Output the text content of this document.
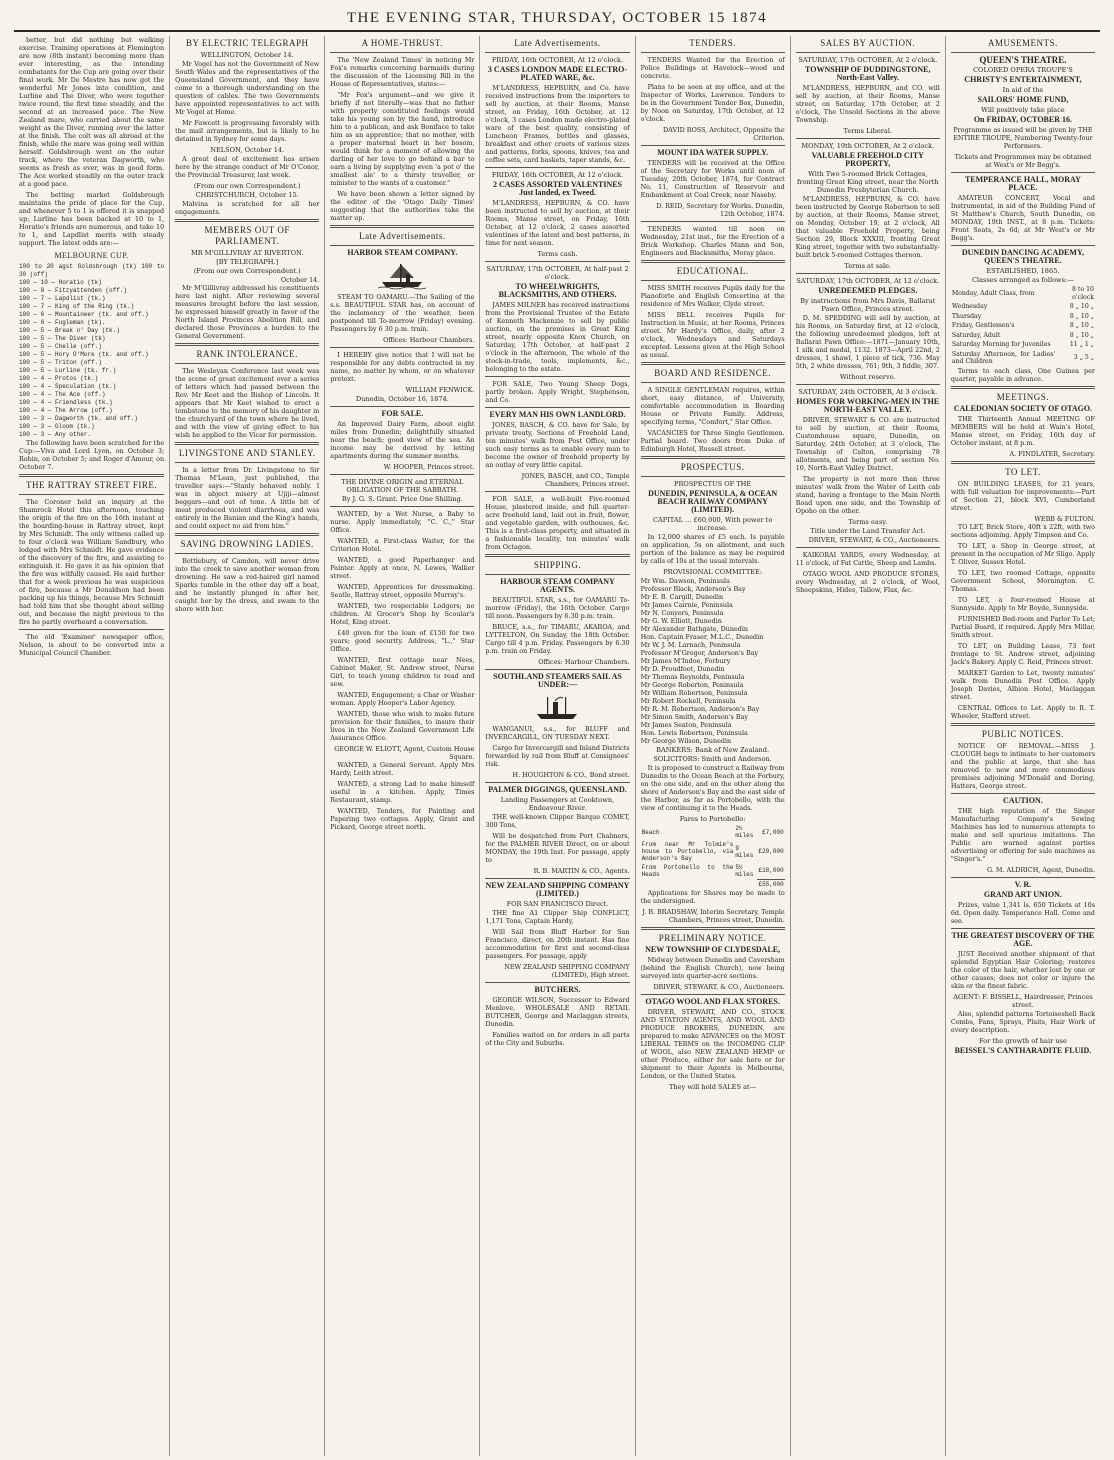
THE EVENING STAR, THURSDAY, OCTOBER 15 1874

better, but did nothing but walking exercise. Training operations at Flemington are now (8th instant) becoming more than ever interesting, as the intending combatants for the Cup are going over their final work. Mr De Mestre has now got the wonderful Mr Jones into condition, and Lurline and The Diver, who were together twice round, the first time steadily, and the second at an increased pace. The New Zealand mare, who carried about the same weight as the Diver, running over the latter at the finish. The colt was all abroad at the finish, while the mare was going well within herself. Goldsbrough went on the outer track, where the veteran Dagworth, who seems as fresh as ever, was in good form. The Ace worked steadily on the outer track at a good pace.

The betting market Goldsbrough maintains the pride of place for the Cup, and whenever 5 to 1 is offered it is snapped up; Lurline has been backed at 10 to 1, Horatio's friends are numerous, and take 10 to 1, and Lapdlist merits with steady support. The latest odds are:—

MELBOURNE CUP.
100 to 20 agst Goldsbrough (tk) 100 to 30 (off)
100 — 10 — Horatio (tk)
100 — 8 — Fitzyattenden (off.)
100 — 7 — Lapdlist (tk.)
100 — 7 — King of the Ring (tk.)
100 — 6 — Mountaineer (tk. and off.)
100 — 6 — Fugleman (tk).
100 — 5 — Break o' Day (tk.)
100 — 5 — The Diver (tk)
100 — 5 — Chelle (off.)
100 — 5 — Hory O'More (tk. and off.)
100 — 5 — Triton (off.)
100 — 5 — Lurline (tk. fr.)
100 — 4 — Protos (tk.)
100 — 4 — Speculation (tk.)
100 — 4 — The Ace (off.)
100 — 4 — Friendless (tk.)
100 — 4 — The Arrow (off.)
100 — 3 — Dagworth (tk. and off.)
100 — 3 — Gloom (tk.)
100 — 3 — Any other.

The following have been scratched for the Cup:—Viva and Lord Lyon, on October 3; Robin, on October 5; and Roger d'Amour, on October 7.

THE RATTRAY STREET FIRE.

The Coroner held an inquiry at the Shamrock Hotel this afternoon, touching the origin of the fire on the 16th instant at the boarding-house in Rattray street, kept by Mrs Schmidt. The only witness called up to four o'clock was William Sandbury, who lodged with Mrs Schmidt. He gave evidence of the discovery of the fire, and assisting to extinguish it. He gave it as his opinion that the fire was wilfully caused. He said further that for a week previous he was suspicious of fire, because a Mr Donaldson had been packing up his things, because Mrs Schmidt had told him that she thought about selling out, and because the night previous to the fire he partly overheard a conversation.

The old 'Examiner' newspaper office, Nelson, is about to be converted into a Municipal Council Chamber.

BY ELECTRIC TELEGRAPH
WELLINGTON, October 14.

Mr Vogel has not the Government of New South Wales and the representatives of the Queensland Government, and they have come to a thorough understanding on the question of cables. The two Governments have appointed representatives to act with Mr Vogel at Home.

Mr Fawcett is progressing favorably with the mail arrangements, but is likely to be detained in Sydney for some days.

NELSON, October 14.

A great deal of excitement has arisen here by the strange conduct of Mr O'Conor, the Provincial Treasurer, last week.

(From our own Correspondent.)
CHRISTCHURCH, October 15.

Malvina is scratched for all her engagements.

MEMBERS OUT OF PARLIAMENT.
MR M'GILLIVRAY AT RIVERTON.
[BY TELEGRAPH.]
(From our own Correspondent.)
October 14.

Mr M'Gillivray addressed his constituents here last night. After reviewing several measures brought before the last session, he expressed himself greatly in favor of the North Island Provinces Abolition Bill, and declared those Provinces a burden to the General Government.

RANK INTOLERANCE.

The Wesleyan Conference last week was the scene of great excitement over a series of letters which had passed between the Rev. Mr Keet and the Bishop of Lincoln. It appears that Mr Keet wished to erect a tombstone to the memory of his daughter in the churchyard of the town where he lived, and with the view of giving effect to his wish he applied to the Vicar for permission.

LIVINGSTONE AND STANLEY.

In a letter from Dr. Livingstone to Sir Thomas M'Lean, just published, the traveller says:—"Stanly behaved nobly. I was in abject misery at Ujiji—almost beggars—and out of tone. A little bit of meat produced violent diarrhoea, and was entirely in the Banian and the King's hands, and could expect no aid from him."

SAVING DROWNING LADIES.

Bottlebury, of Camden, will never drive into the creek to save another woman from drowning. He saw a red-haired girl named Sparks tumble in the other day off a boat, and he instantly plunged in after her, caught her by the dress, and swam to the shore with her.

A HOME-THRUST.

The 'New Zealand Times' in noticing Mr Fox's remarks concerning barmaids during the discussion of the Licensing Bill in the House of Representatives, states:—

"Mr Fox's argument—and we give it briefly if not literally—was that no father with properly constituted feelings would take his young son by the hand, introduce him to a publican, and ask Boniface to take him as an apprentice; that no mother, with a proper maternal heart in her bosom, would think for a moment of allowing the darling of her love to go behind a bar to earn a living by supplying even 'a pot o' the smallest ale' to a thirsty traveller, or minister to the wants of a customer."

We have been shown a letter signed by the editor of the 'Otago Daily Times' suggesting that the authorities take the matter up.

Late Advertisements.
HARBOR STEAM COMPANY.

STEAM TO OAMARU.—The Sailing of the s.s. BEAUTIFUL STAR has, on account of the inclemency of the weather, been postponed till To-morrow (Friday) evening. Passengers by 6 30 p.m. train.

Offices: Harbour Chambers.

I HEREBY give notice that I will not be responsible for any debts contracted in my name, no matter by whom, or on whatever pretext.

WILLIAM FENWICK.
Dunedin, October 16, 1874.
FOR SALE.

An Improved Dairy Farm, about eight miles from Dunedin; delightfully situated near the beach; good view of the sea. An income may be derived by letting apartments during the summer months.

W. HOOPER, Princes street.
THE DIVINE ORIGIN and ETERNAL OBLIGATION OF THE SABBATH.
By J. G. S. Grant. Price One Shilling.

WANTED, by a Wet Nurse, a Baby to nurse. Apply immediately, "C. C.," Star Office.

WANTED, a First-class Waiter, for the Criterion Hotel.

WANTED, a good Paperhanger and Painter. Apply at once, N. Lewes, Walker street.

WANTED, Apprentices for dressmaking. Seatle, Rattray street, opposite Murray's.

WANTED, two respectable Lodgers; no children. At Grocer's Shop by Scoular's Hotel, King street.

£40 given for the loan of £150 for two years; good security. Address, "L.," Star Office.

WANTED, first cottage near Nees, Cabinet Maker, St. Andrew street, Nurse Girl, to teach young children to read and sew.

WANTED, Engagement; a Char or Washer woman. Apply Hooper's Labor Agency.

WANTED, those who wish to make future provision for their families, to insure their lives in the New Zealand Government Life Assurance Office.

GEORGE W. ELIOTT, Agent, Custom House Square.

WANTED, a General Servant. Apply Mrs Hardy, Leith street.

WANTED, a strong Lad to make himself useful in a kitchen. Apply, Times Restaurant, stamp.

WANTED, Tenders, for Painting and Papering two cottages. Apply, Grant and Pickard, George street north.

Late Advertisements.
FRIDAY, 16th OCTOBER, At 12 o'clock.
3 CASES LONDON MADE ELECTRO-PLATED WARE, &c.

M'LANDRESS, HEPBURN, and Co. have received instructions from the importers to sell by auction, at their Rooms, Manse street, on Friday, 16th October, at 12 o'clock, 3 cases London made electro-plated ware of the best quality, consisting of Luncheon Frames, bottles and glasses, breakfast and other cruets of various sizes and patterns, forks, spoons, knives, tea and coffee sets, card baskets, taper stands, &c.

FRIDAY, 16th OCTOBER, At 12 o'clock.
2 CASES ASSORTED VALENTINES Just landed, ex Tweed.

M'LANDRESS, HEPBURN, & CO. have been instructed to sell by auction, at their Rooms, Manse street, on Friday, 16th October, at 12 o'clock, 2 cases assorted valentines of the latest and best patterns, in time for next season.

Terms cash.
SATURDAY, 17th OCTOBER, At half-past 2 o'clock.
TO WHEELWRIGHTS, BLACKSMITHS, AND OTHERS.

JAMES MILNER has received instructions from the Provisional Trustee of the Estate of Kenneth Mackenzie to sell by public auction, on the premises in Great King street, nearly opposite Knox Church, on Saturday, 17th October, at half-past 2 o'clock in the afternoon, The whole of the stock-in-trade, tools, implements, &c., belonging to the estate.

FOR SALE, Two Young Sheep Dogs, partly broken. Apply Wright, Stephenson, and Co.

EVERY MAN HIS OWN LANDLORD.

JONES, BASCH, & CO. have for Sale, by private treaty, Sections of Freehold Land, ten minutes' walk from Post Office, under such easy terms as to enable every man to become the owner of freehold property by an outlay of very little capital.

JONES, BASCH, and CO., Temple Chambers, Princes street.

FOR SALE, a well-built Five-roomed House, plastered inside, and full quarter-acre freehold land, laid out in fruit, flower, and vegetable garden, with outhouses, &c. This is a first-class property, and situated in a fashionable locality, ten minutes' walk from Octagon.

SHIPPING.
HARBOUR STEAM COMPANY AGENTS.

BEAUTIFUL STAR, s.s., for OAMARU To-morrow (Friday), the 16th October. Cargo till noon. Passengers by 6.30 p.m. train.

BRUCE, s.s., for TIMARU, AKAROA, and LYTTELTON, On Sunday, the 18th October. Cargo till 4 p.m. Friday. Passengers by 6.30 p.m. train on Friday.

Offices: Harbour Chambers.
SOUTHLAND STEAMERS SAIL AS UNDER:—

WANGANUI, s.s., for BLUFF and INVERCARGILL, ON TUESDAY NEXT.

Cargo for Invercargill and Inland Districts forwarded by rail from Bluff at Consignees' risk.

H. HOUGHTON & CO., Bond street.
PALMER DIGGINGS, QUEENSLAND.
Landing Passengers at Cooktown, Endeavour River.

THE well-known Clipper Barque COMET, 300 Tons,

Will be despatched from Port Chalmers, for the PALMER RIVER Direct, on or about MONDAY, the 19th Inst. For passage, apply to

R. B. MARTIN & CO., Agents.
NEW ZEALAND SHIPPING COMPANY (LIMITED.)
FOR SAN FRANCISCO Direct.

THE fine A1 Clipper Ship CONFLICT, 1,171 Tons, Captain Hardy,

Will Sail from Bluff Harbor for San Francisco, direct, on 20th instant. Has fine accommodation for first and second-class passengers. For passage, apply

NEW ZEALAND SHIPPING COMPANY (LIMITED), High street.
BUTCHERS.

GEORGE WILSON, Successor to Edward Menlove, WHOLESALE AND RETAIL BUTCHER, George and Maclaggan streets, Dunedin.

Families waited on for orders in all parts of the City and Suburbs.

TENDERS.

TENDERS Wanted for the Erection of Police Buildings at Havelock—wood and concrete.

Plans to be seen at my office, and at the Inspector of Works, Lawrence. Tenders to be in the Government Tender Box, Dunedin, by Noon on Saturday, 17th October, at 12 o'clock.

DAVID ROSS, Architect, Opposite the Criterion.
MOUNT IDA WATER SUPPLY.

TENDERS will be received at the Office of the Secretary for Works until noon of Tuesday, 20th October, 1874, for Contract No. 11, Construction of Reservoir and Embankment at Coal Creek, near Naseby.

D. REID, Secretary for Works. Dunedin, 12th October, 1874.

TENDERS wanted till noon on Wednesday, 21st inst., for the Erection of a Brick Workshop. Charles Mann and Son, Engineers and Blacksmiths, Moray place.

EDUCATIONAL.

MISS SMITH receives Pupils daily for the Pianoforte and English Concertina at the residence of Mrs Walker, Clyde street.

MISS BELL receives Pupils for Instruction in Music, at her Rooms, Princes street. Mr Hardy's Office, daily, after 2 o'clock, Wednesdays and Saturdays excepted. Lessons given at the High School as usual.

BOARD AND RESIDENCE.

A SINGLE GENTLEMAN requires, within short, easy distance, of University, comfortable accommodation in Boarding House or Private Family. Address, specifying terms, "Comfort," Star Office.

VACANCIES for Three Single Gentlemen. Partial board. Two doors from Duke of Edinburgh Hotel, Russell street.

PROSPECTUS.
PROSPECTUS OF THE
DUNEDIN, PENINSULA, & OCEAN BEACH RAILWAY COMPANY (LIMITED).
CAPITAL ... £60,000, With power to increase.

In 12,000 shares of £5 each. Is payable on application, 5s on allotment, and such portion of the balance as may be required by calls of 10s at the usual intervals.

PROVISIONAL COMMITTEE:
Mr Wm. Dawson, Peninsula
Professor Black, Anderson's Bay
Mr E. B. Cargill, Dunedin
Mr James Cairnie, Peninsula
Mr N. Conyers, Peninsula
Mr G. W. Elliott, Dunedin
Mr Alexander Bathgate, Dunedin
Hon. Captain Fraser, M.L.C., Dunedin
Mr W. J. M. Larnach, Peninsula
Professor M'Gregor, Anderson's Bay
Mr James M'Indoe, Forbury
Mr D. Proudfoot, Dunedin
Mr Thomas Reynolds, Peninsula
Mr George Roberton, Peninsula
Mr William Robertson, Peninsula
Mr Robert Rockell, Peninsula
Mr R. M. Robertson, Anderson's Bay
Mr Simon Smith, Anderson's Bay
Mr James Seaton, Peninsula
Hon. Lewis Robertson, Peninsula
Mr George Wilson, Dunedin
BANKERS: Bank of New Zealand.
SOLICITORS: Smith and Anderson.

It is proposed to construct a Railway from Dunedin to the Ocean Beach at the Forbury, on the one side, and on the other along the shore of Anderson's Bay and the east side of the Harbor, as far as Portobello, with the view of continuing it to the Heads.

Fares to Portobello:
Beach	2½ miles	£7,000
From near Mr Tolmie's house to Portobello, via Anderson's Bay	9 miles	£20,000
From Portobello to the Heads	5½ miles	£18,000
		£55,000

Applications for Shares may be made to the undersigned.

J. B. BRADSHAW, Interim Secretary, Temple Chambers, Princes street, Dunedin.
PRELIMINARY NOTICE.
NEW TOWNSHIP OF CLYDESDALE,

Midway between Dunedin and Caversham (behind the English Church), now being surveyed into quarter-acre sections.

DRIVER, STEWART, & CO., Auctioneers.
OTAGO WOOL AND FLAX STORES.

DRIVER, STEWART, AND CO., STOCK AND STATION AGENTS, AND WOOL AND PRODUCE BROKERS, DUNEDIN, are prepared to make ADVANCES on the MOST LIBERAL TERMS on the INCOMING CLIP of WOOL, also NEW ZEALAND HEMP or other Produce, either for sale here or for shipment to their Agents in Melbourne, London, or the United States.

They will hold SALES at—
SALES BY AUCTION.
SATURDAY, 17th OCTOBER, At 2 o'clock.
TOWNSHIP OF DUDDINGSTONE, North-East Valley.

M'LANDRESS, HEPBURN, and CO. will sell by auction, at their Rooms, Manse street, on Saturday, 17th October, at 2 o'clock, The Unsold Sections in the above Township.

Terms Liberal.
MONDAY, 19th OCTOBER, At 2 o'clock.
VALUABLE FREEHOLD CITY PROPERTY,
With Two 5-roomed Brick Cottages, fronting Great King street, near the North Dunedin Presbyterian Church.

M'LANDRESS, HEPBURN, & CO. have been instructed by George Robertson to sell by auction, at their Rooms, Manse street, on Monday, October 19, at 2 o'clock, All that valuable Freehold Property, being Section 29, Block XXXIII, fronting Great King street, together with two substantially-built brick 5-roomed Cottages thereon.

Terms at sale.
SATURDAY, 17th OCTOBER, At 12 o'clock.
UNREDEEMED PLEDGES.
By instructions from Mrs Davis, Ballarat Pawn Office, Princes street.

D. M. SPEDDING will sell by auction, at his Rooms, on Saturday first, at 12 o'clock, the following unredeemed pledges, left at Ballarat Pawn Office:—1871—January 10th, 1 silk and medal, 1132. 1873—April 22nd, 2 dresses, 1 shawl, 1 piece of tick, 736. May 5th, 2 white dresses, 761; 9th, 3 fiddle, 307.

Without reserve.
SATURDAY, 24th OCTOBER, At 3 o'clock.
HOMES FOR WORKING-MEN IN THE NORTH-EAST VALLEY.

DRIVER, STEWART & CO. are instructed to sell by auction, at their Rooms, Customhouse square, Dunedin, on Saturday, 24th October, at 3 o'clock, The Township of Calton, comprising 78 allotments, and being part of section No. 10, North-East Valley District.

The property is not more than three minutes' walk from the Water of Leith cab stand, having a frontage to the Main North Road upon one side, and the Township of Opoho on the other.

Terms easy.
Title under the Land Transfer Act.
DRIVER, STEWART, & CO., Auctioneers.

KAIKORAI YARDS, every Wednesday, at 11 o'clock, of Fat Cattle, Sheep and Lambs.

OTAGO WOOL AND PRODUCE STORES, every Wednesday, at 2 o'clock, of Wool, Sheepskins, Hides, Tallow, Flax, &c.

AMUSEMENTS.
QUEEN'S THEATRE.
COLORED OPERA TROUPE'S
CHRISTY'S ENTERTAINMENT,
In aid of the
SAILORS' HOME FUND,
Will positively take place
On FRIDAY, OCTOBER 16.

Programme as issued will be given by THE ENTIRE TROUPE, Numbering Twenty-four Performers.

Tickets and Programmes may be obtained at West's or Mr Begg's.

TEMPERANCE HALL, MORAY PLACE.

AMATEUR CONCERT, Vocal and Instrumental, in aid of the Building Fund of St Matthew's Church, South Dunedin, on MONDAY, 19th INST., at 8 p.m. Tickets: Front Seats, 2s 6d; at Mr West's or Mr Begg's.

DUNEDIN DANCING ACADEMY, QUEEN'S THEATRE.
ESTABLISHED, 1865.
Classes arranged as follows:—
Monday, Adult Class, from	8 to 10 o'clock
Wednesday	8 „ 10 „
Thursday	8 „ 10 „
Friday, Gentlemen's	8 „ 10 „
Saturday, Adult	8 „ 10 „
Saturday Morning for Juveniles	11 „ 1 „
Saturday Afternoon, for Ladies' and Children	3 „ 5 „

Terms to each class, One Guinea per quarter, payable in advance.

MEETINGS.
CALEDONIAN SOCIETY OF OTAGO.

THE Thirteenth Annual MEETING OF MEMBERS will be held at Wain's Hotel, Manse street, on Friday, 16th day of October instant, at 8 p.m.

A. FINDLATER, Secretary.
TO LET.

ON BUILDING LEASES, for 21 years, with full valuation for improvements:—Part of Section 21, block XVI, Cumberland street.

WEBB & FULTON.

TO LET, Brick Store, 40ft x 22ft, with two sections adjoining. Apply Timpson and Co.

TO LET, a Shop in George street, at present in the occupation of Mr Sligo. Apply T. Oliver, Sussex Hotel.

TO LET, two roomed Cottage, opposite Government School, Mornington. C. Thomas.

TO LET, a four-roomed House at Sunnyside. Apply to Mr Boyde, Sunnyside.

FURNISHED Bed-room and Parlor To Let; Partial Board, if required. Apply Mrs Millar, Smith street.

TO LET, on Building Lease, 73 feet frontage to St. Andrew street, adjoining Jack's Bakery. Apply C. Reid, Princes street.

MARKET Garden to Let, twenty minutes' walk from Dunedin Post Office. Apply Joseph Davies, Albion Hotel, Maclaggan street.

CENTRAL Offices to Let. Apply to R. T. Wheeler, Stafford street.

PUBLIC NOTICES.

NOTICE OF REMOVAL.—MISS J. CLOUGH begs to intimate to her customers and the public at large, that she has removed to new and more commodious premises adjoining M'Donald and Doring, Hatters, George street.

CAUTION.

THE high reputation of the Singer Manufacturing Company's Sewing Machines has led to numerous attempts to make and sell spurious imitations. The Public are warned against parties advertising or offering for sale machines as "Singer's."

G. M. ALDRICH, Agent, Dunedin.
V. R.
GRAND ART UNION.

Prizes, value 1,341 ls. 650 Tickets at 10s 6d. Open daily. Temperance Hall. Come and see.

THE GREATEST DISCOVERY OF THE AGE.

JUST Received another shipment of that splendid Egyptian Hair Coloring; restores the color of the hair, whether lost by one or other causes; does not color or injure the skin or the finest fabric.

AGENT: F. BISSELL, Hairdresser, Princes street.

Also, splendid patterns Tortoiseshell Back Combs, Fans, Sprays, Plaits, Hair Work of every description.

For the growth of hair use
BEISSEL'S CANTHARADITE FLUID.
